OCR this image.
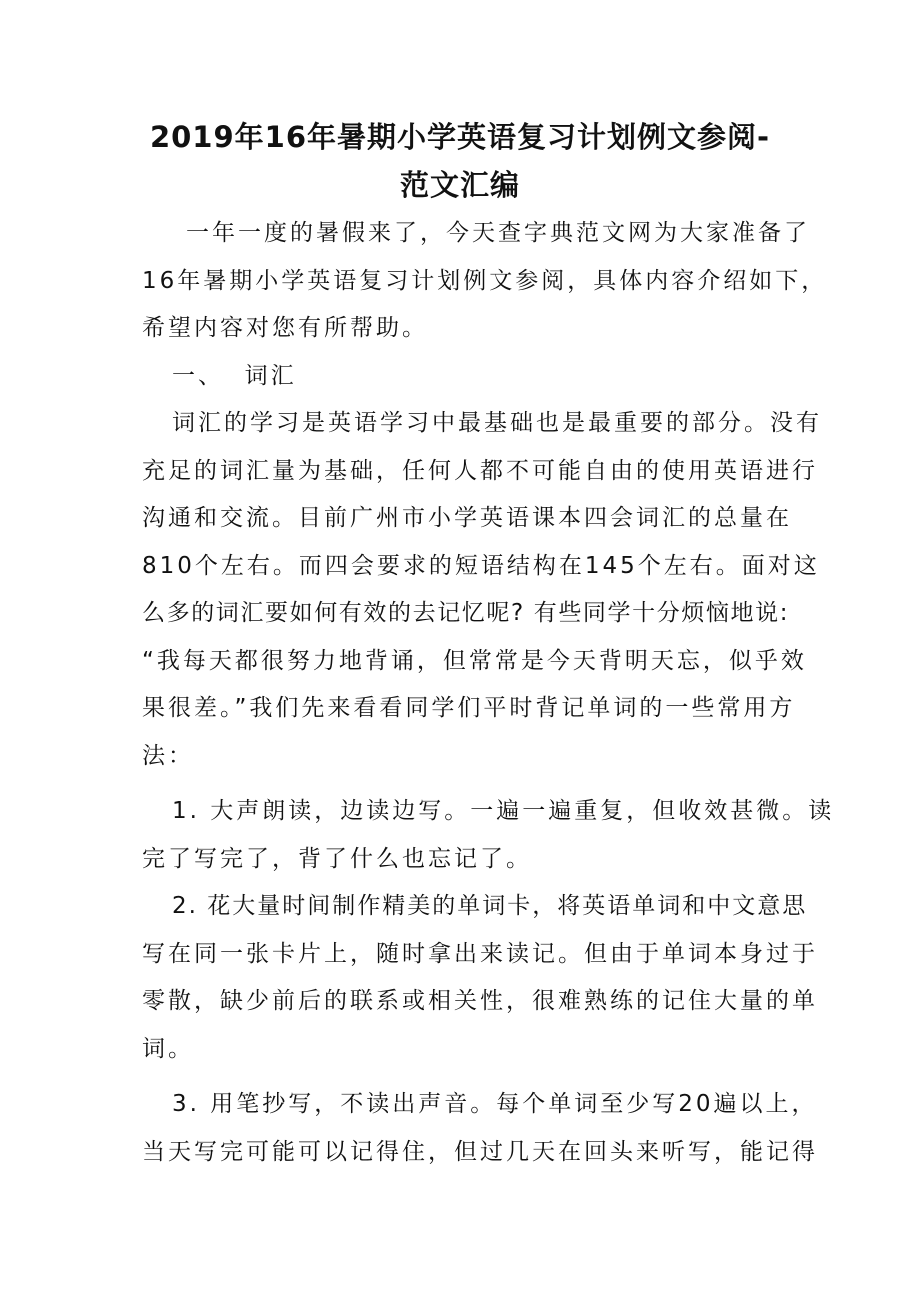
2019年16年暑期小学英语复习计划例文参阅-
范文汇编
一年一度的暑假来了，今天查字典范文网为大家准备了
16年暑期小学英语复习计划例文参阅，具体内容介绍如下，
希望内容对您有所帮助。
一、  词汇
词汇的学习是英语学习中最基础也是最重要的部分。没有
充足的词汇量为基础，任何人都不可能自由的使用英语进行
沟通和交流。目前广州市小学英语课本四会词汇的总量在
810个左右。而四会要求的短语结构在145个左右。面对这
么多的词汇要如何有效的去记忆呢? 有些同学十分烦恼地说:
“我每天都很努力地背诵，但常常是今天背明天忘，似乎效
果很差。”我们先来看看同学们平时背记单词的一些常用方
法：
1. 大声朗读，边读边写。一遍一遍重复，但收效甚微。读
完了写完了，背了什么也忘记了。
2. 花大量时间制作精美的单词卡，将英语单词和中文意思
写在同一张卡片上，随时拿出来读记。但由于单词本身过于
零散，缺少前后的联系或相关性，很难熟练的记住大量的单
词。
3. 用笔抄写，不读出声音。每个单词至少写20遍以上，
当天写完可能可以记得住，但过几天在回头来听写，能记得
